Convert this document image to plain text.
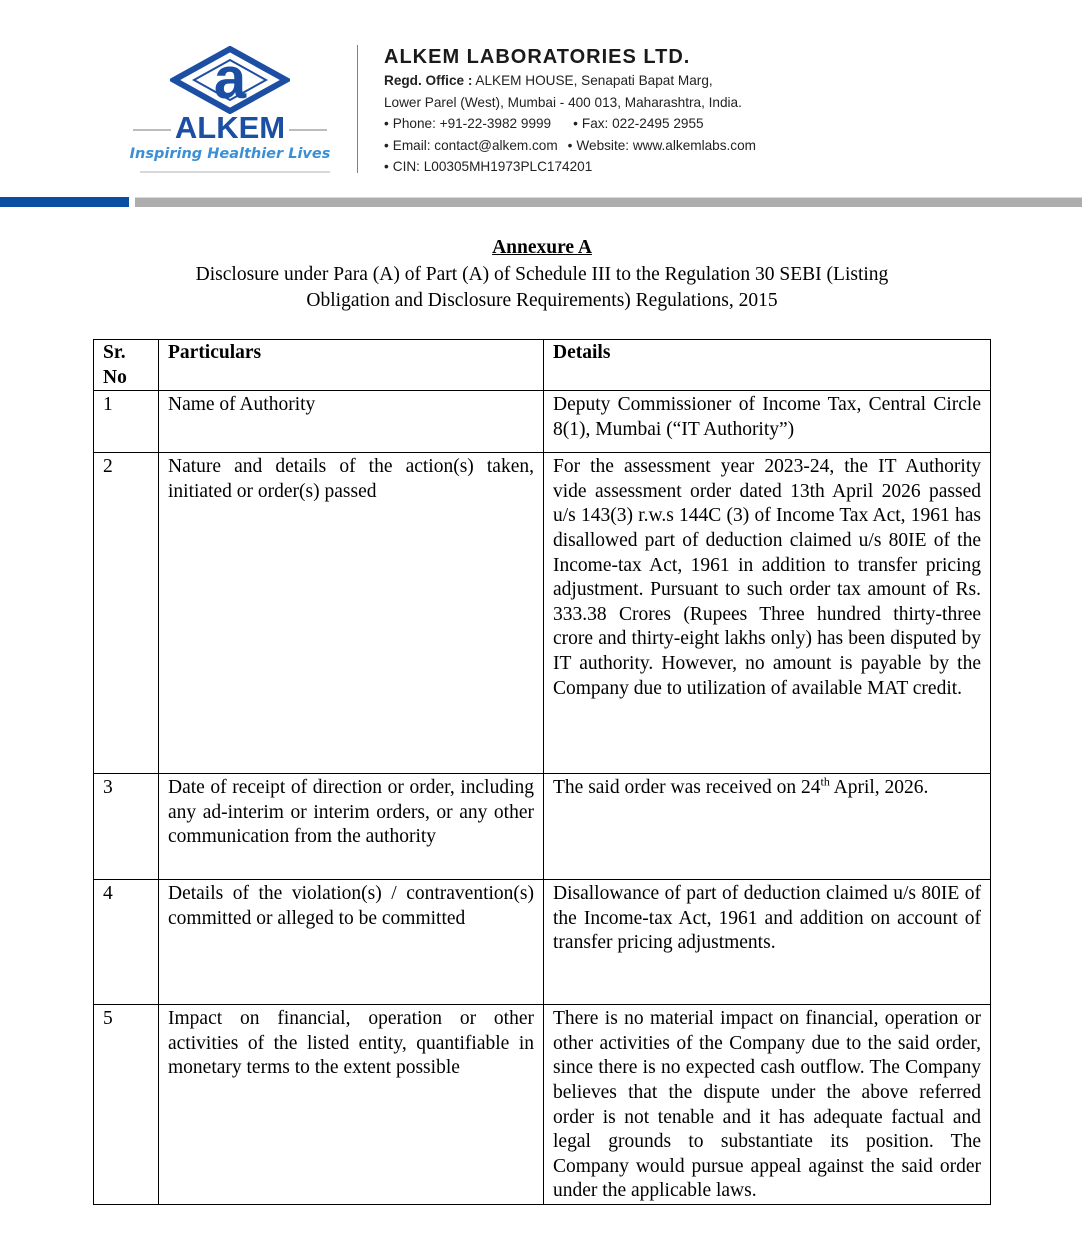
a
ALKEM
Inspiring Healthier Lives
ALKEM LABORATORIES LTD.
Regd. Office : ALKEM HOUSE, Senapati Bapat Marg,
Lower Parel (West), Mumbai - 400 013, Maharashtra, India.
• Phone: +91-22-3982 9999 • Fax: 022-2495 2955
• Email: contact@alkem.com • Website: www.alkemlabs.com
• CIN: L00305MH1973PLC174201
Annexure A
Disclosure under Para (A) of Part (A) of Schedule III to the Regulation 30 SEBI (Listing
Obligation and Disclosure Requirements) Regulations, 2015
Sr. No	Particulars	Details
1	Name of Authority	Deputy Commissioner of Income Tax, Central Circle 8(1), Mumbai (“IT Authority”)
2	Nature and details of the action(s) taken, initiated or order(s) passed	For the assessment year 2023-24, the IT Authority vide assessment order dated 13th April 2026 passed u/s 143(3) r.w.s 144C (3) of Income Tax Act, 1961 has disallowed part of deduction claimed u/s 80IE of the Income-tax Act, 1961 in addition to transfer pricing adjustment. Pursuant to such order tax amount of Rs. 333.38 Crores (Rupees Three hundred thirty-three crore and thirty-eight lakhs only) has been disputed by IT authority. However, no amount is payable by the Company due to utilization of available MAT credit.
3	Date of receipt of direction or order, including any ad-interim or interim orders, or any other communication from the authority	The said order was received on 24th April, 2026.
4	Details of the violation(s) / contravention(s) committed or alleged to be committed	Disallowance of part of deduction claimed u/s 80IE of the Income-tax Act, 1961 and addition on account of transfer pricing adjustments.
5	Impact on financial, operation or other activities of the listed entity, quantifiable in monetary terms to the extent possible	There is no material impact on financial, operation or other activities of the Company due to the said order, since there is no expected cash outflow. The Company believes that the dispute under the above referred order is not tenable and it has adequate factual and legal grounds to substantiate its position. The Company would pursue appeal against the said order under the applicable laws.
